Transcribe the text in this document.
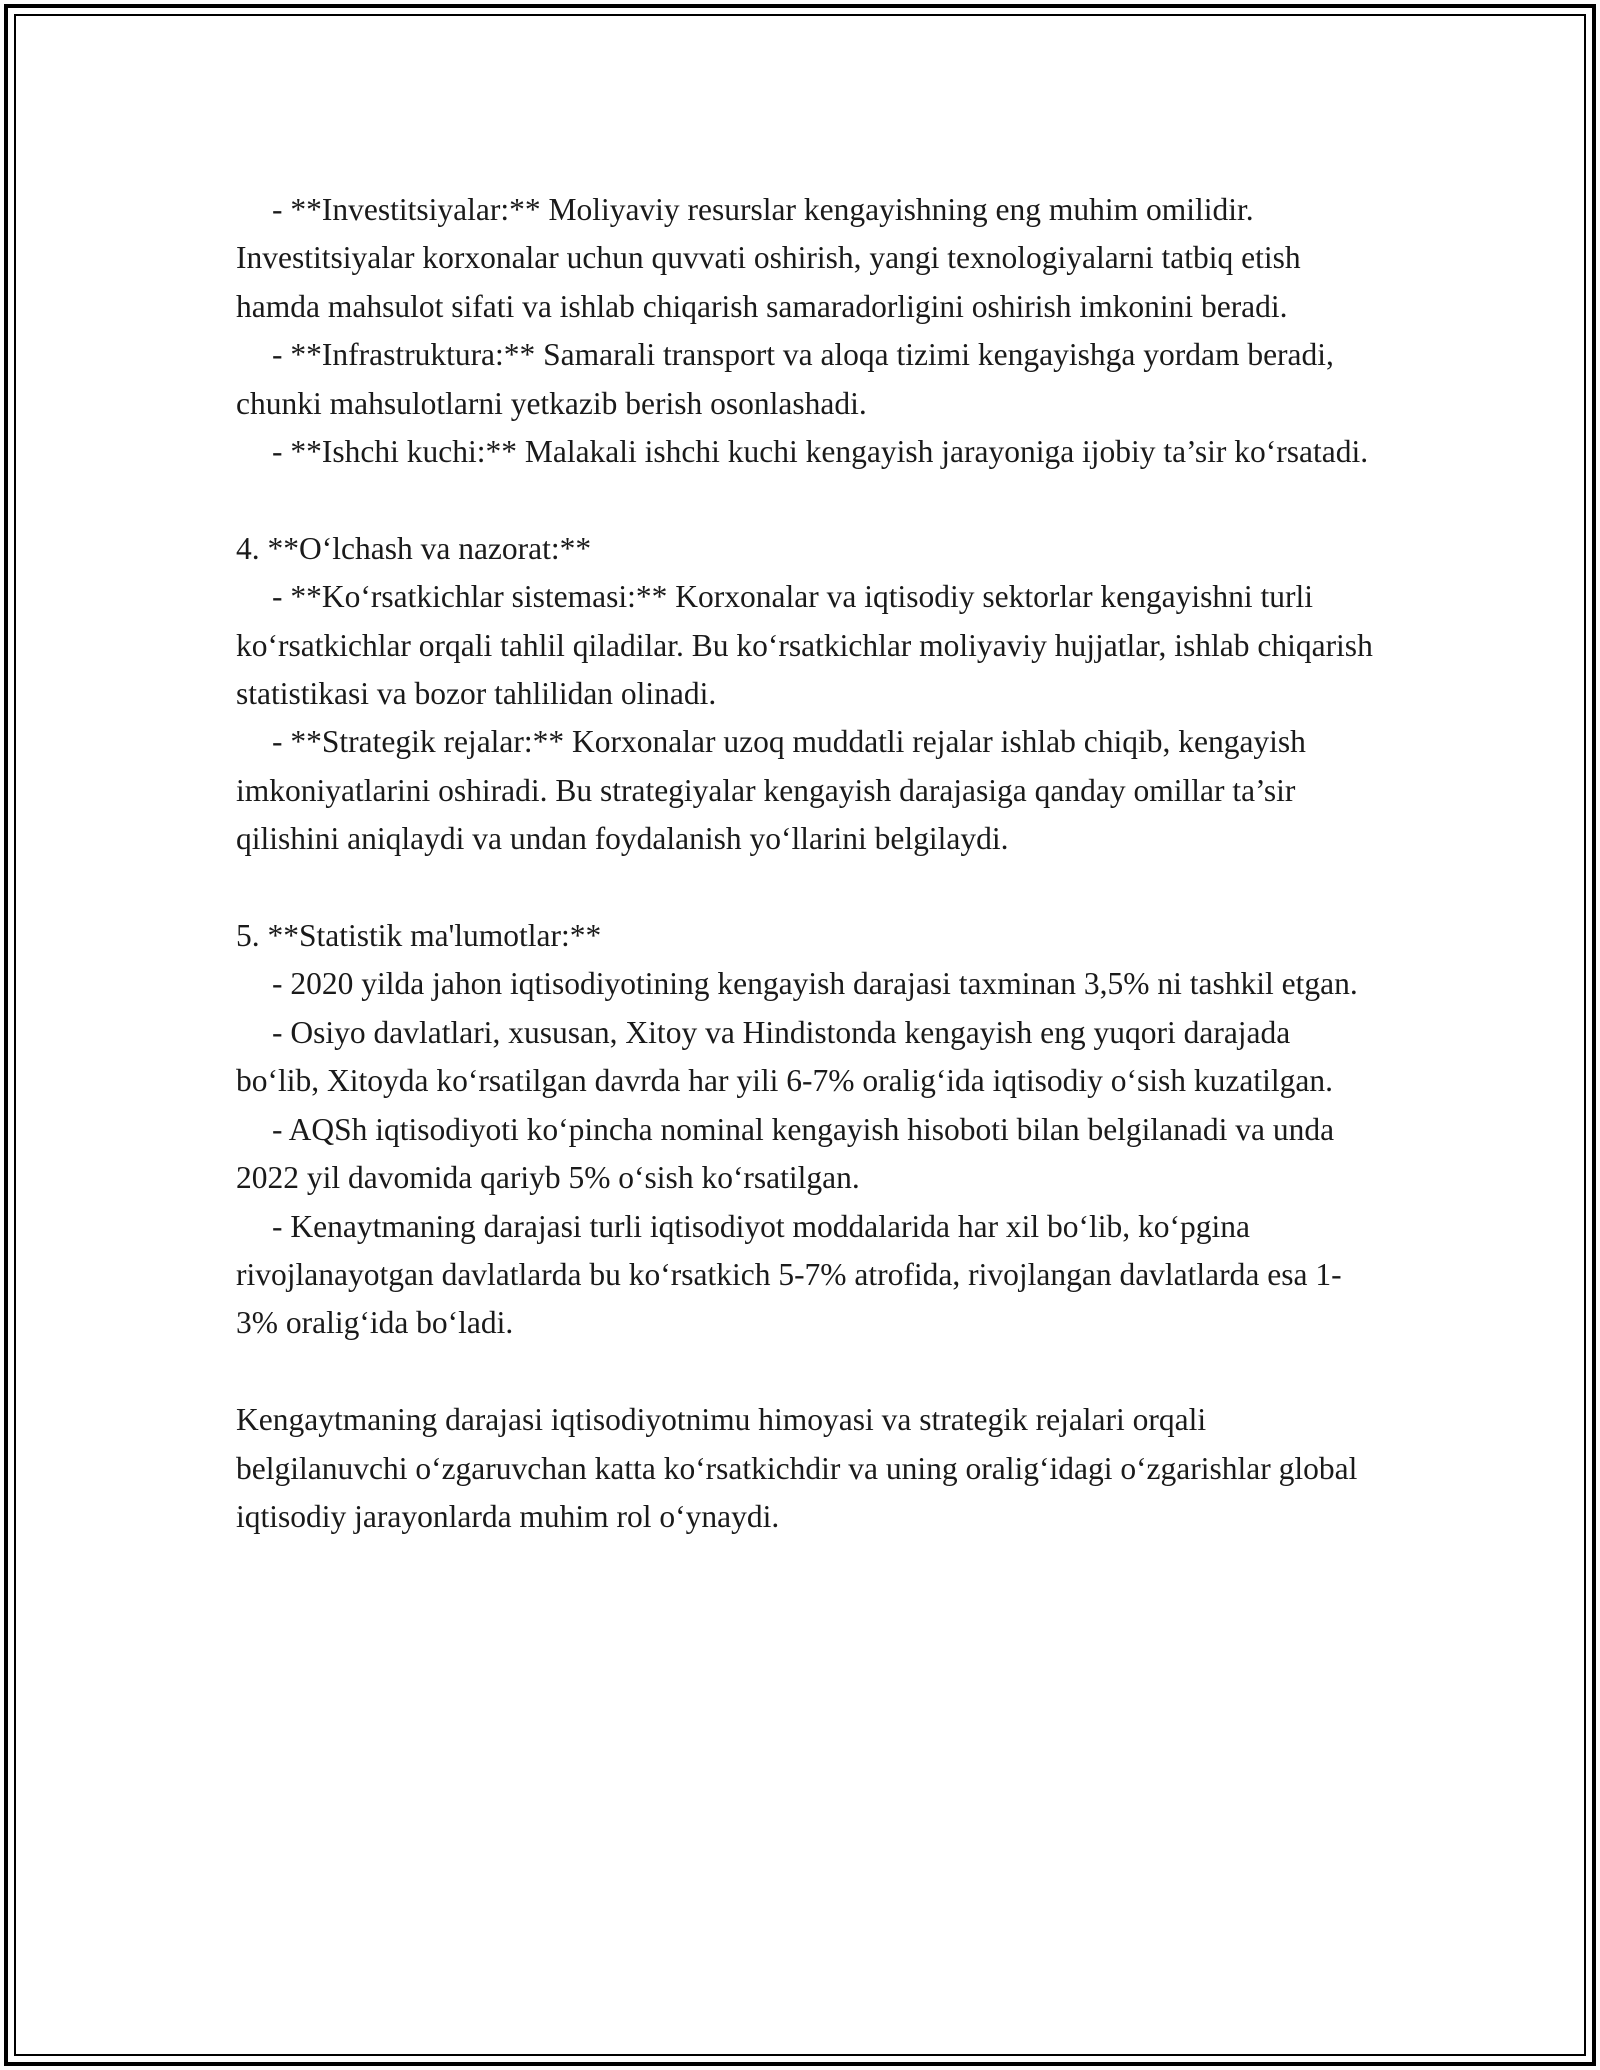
- **Investitsiyalar:** Moliyaviy resurslar kengayishning eng muhim omilidir. Investitsiyalar korxonalar uchun quvvati oshirish, yangi texnologiyalarni tatbiq etish hamda mahsulot sifati va ishlab chiqarish samaradorligini oshirish imkonini beradi.

- **Infrastruktura:** Samarali transport va aloqa tizimi kengayishga yordam beradi, chunki mahsulotlarni yetkazib berish osonlashadi.

- **Ishchi kuchi:** Malakali ishchi kuchi kengayish jarayoniga ijobiy ta’sir ko‘rsatadi.

4. **O‘lchash va nazorat:**

- **Ko‘rsatkichlar sistemasi:** Korxonalar va iqtisodiy sektorlar kengayishni turli ko‘rsatkichlar orqali tahlil qiladilar. Bu ko‘rsatkichlar moliyaviy hujjatlar, ishlab chiqarish statistikasi va bozor tahlilidan olinadi.

- **Strategik rejalar:** Korxonalar uzoq muddatli rejalar ishlab chiqib, kengayish imkoniyatlarini oshiradi. Bu strategiyalar kengayish darajasiga qanday omillar ta’sir qilishini aniqlaydi va undan foydalanish yo‘llarini belgilaydi.

5. **Statistik ma'lumotlar:**

- 2020 yilda jahon iqtisodiyotining kengayish darajasi taxminan 3,5% ni tashkil etgan.

- Osiyo davlatlari, xususan, Xitoy va Hindistonda kengayish eng yuqori darajada bo‘lib, Xitoyda ko‘rsatilgan davrda har yili 6-7% oralig‘ida iqtisodiy o‘sish kuzatilgan.

- AQSh iqtisodiyoti ko‘pincha nominal kengayish hisoboti bilan belgilanadi va unda 2022 yil davomida qariyb 5% o‘sish ko‘rsatilgan.

- Kenaytmaning darajasi turli iqtisodiyot moddalarida har xil bo‘lib, ko‘pgina rivojlanayotgan davlatlarda bu ko‘rsatkich 5-7% atrofida, rivojlangan davlatlarda esa 1-3% oralig‘ida bo‘ladi.

Kengaytmaning darajasi iqtisodiyotnimu himoyasi va strategik rejalari orqali belgilanuvchi o‘zgaruvchan katta ko‘rsatkichdir va uning oralig‘idagi o‘zgarishlar global iqtisodiy jarayonlarda muhim rol o‘ynaydi.
